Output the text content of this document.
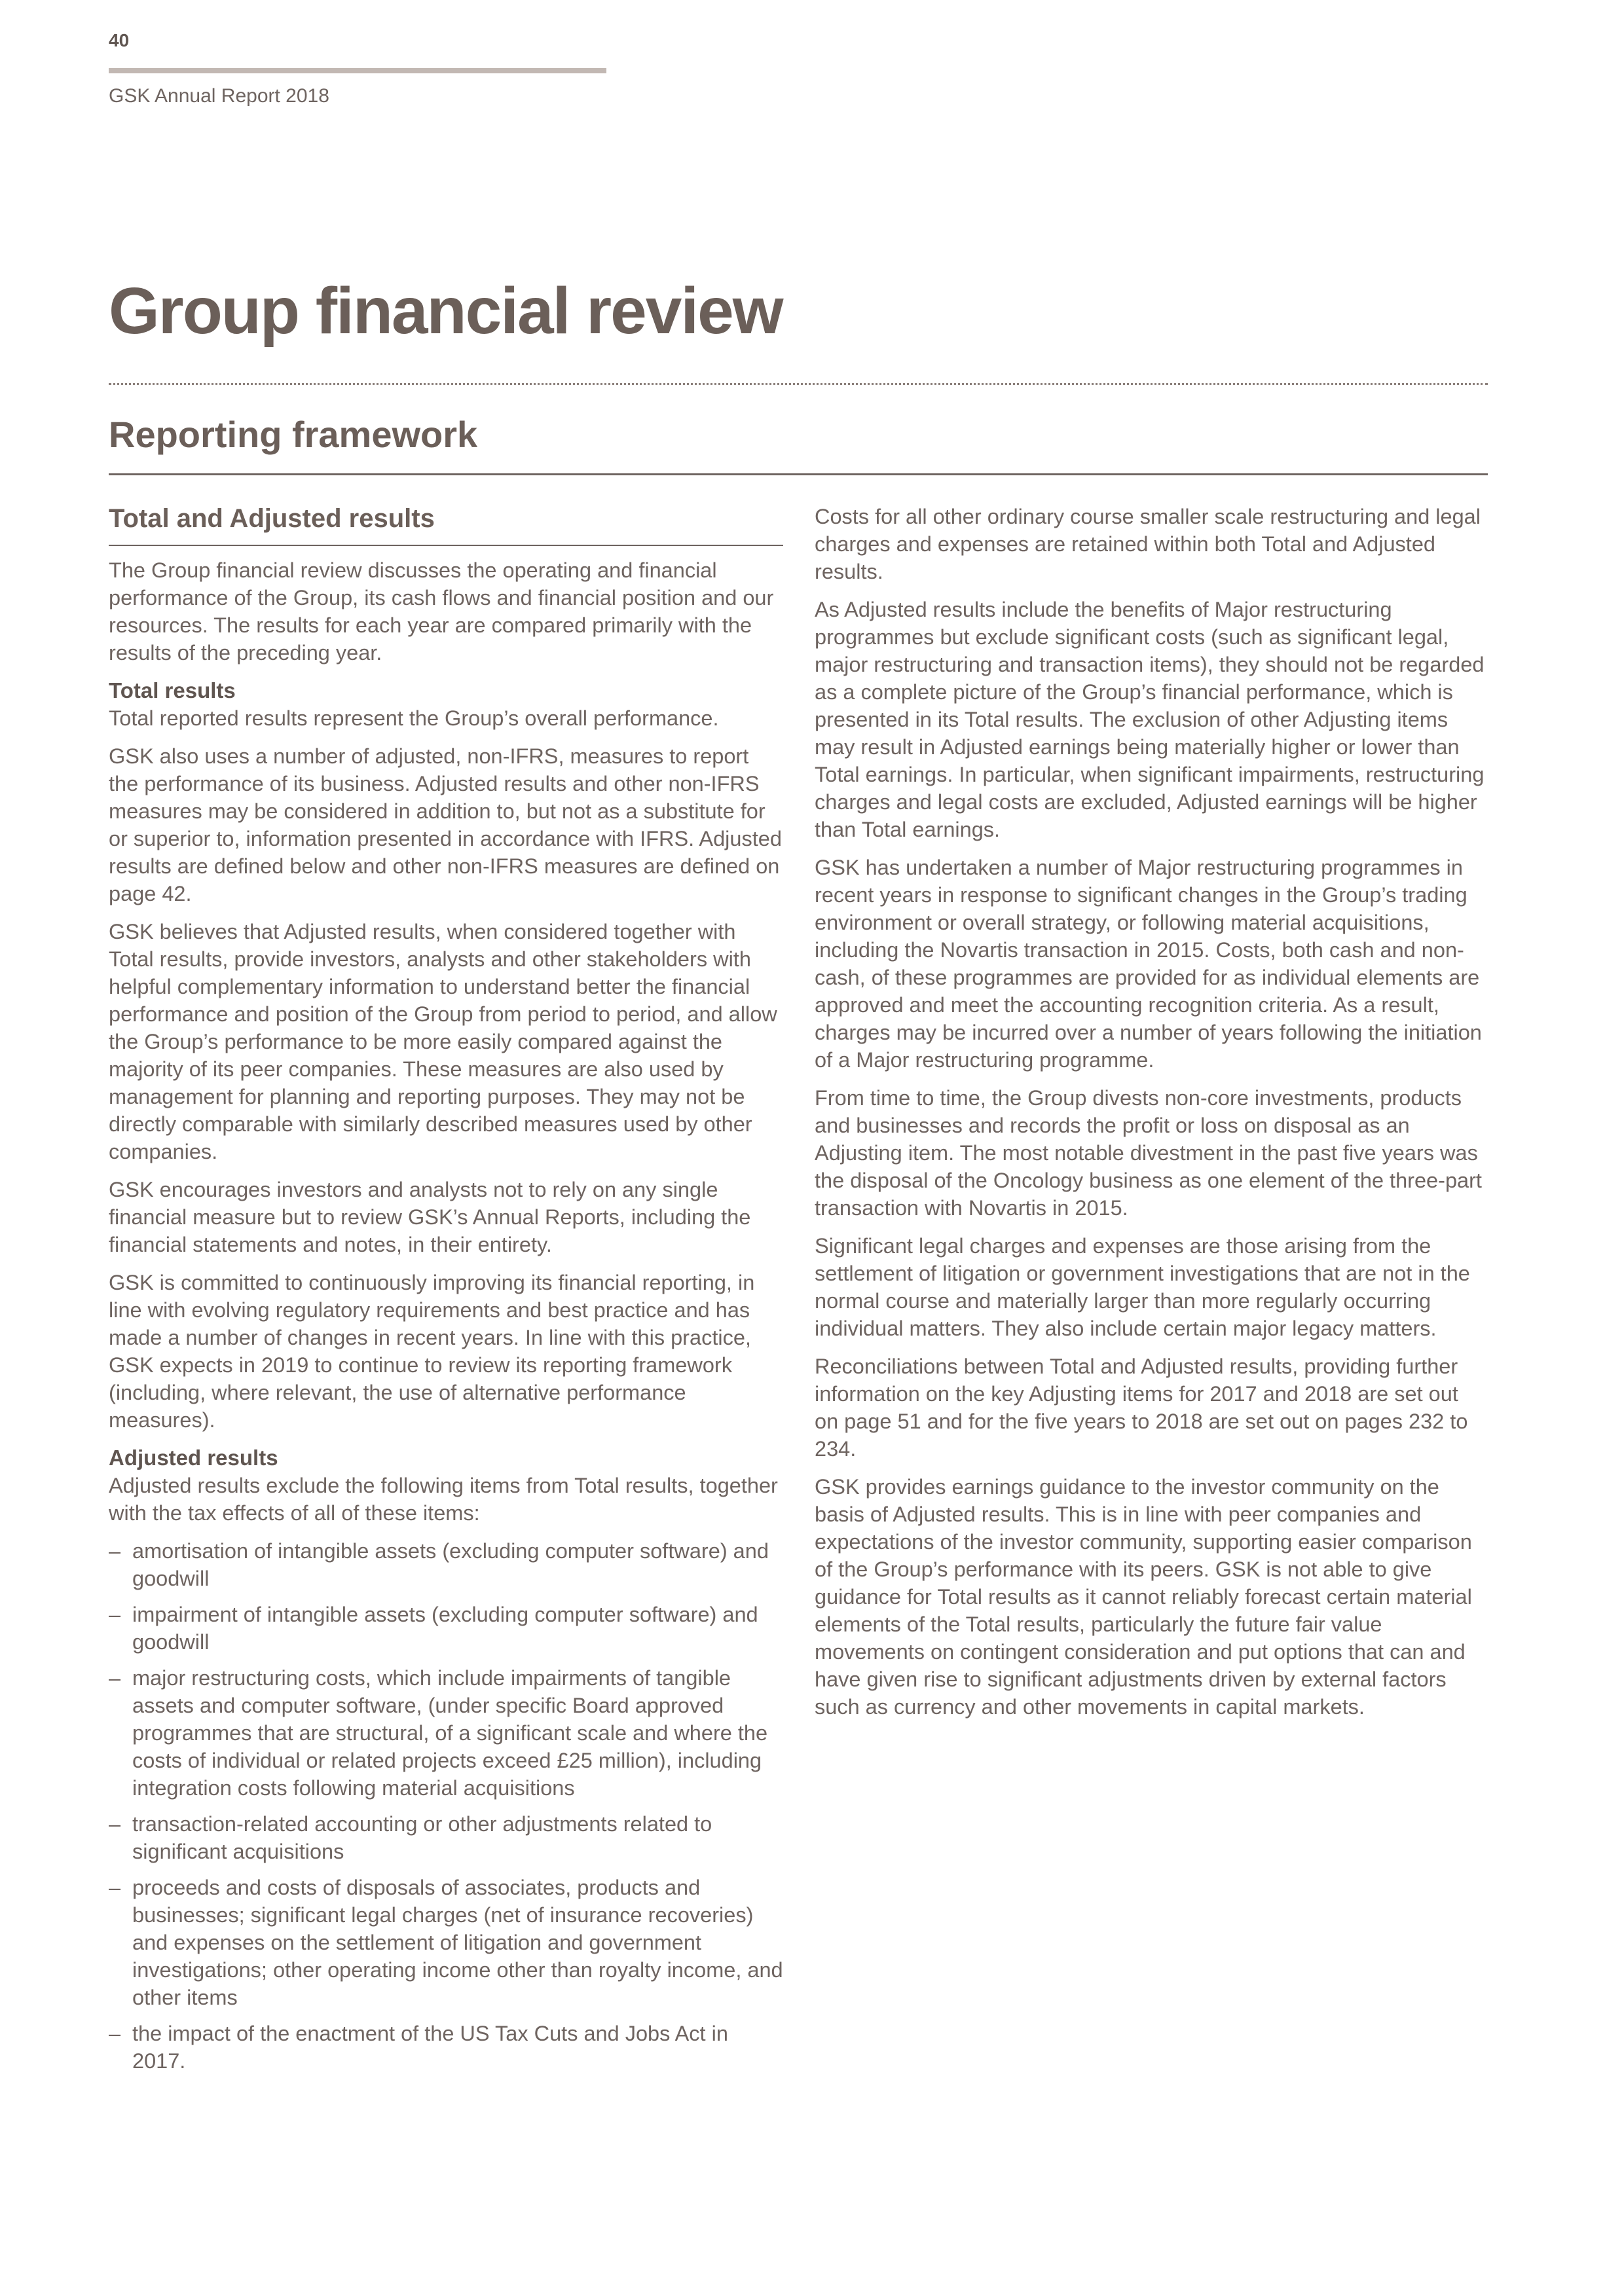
40
GSK Annual Report 2018
Group financial review
Reporting framework
Total and Adjusted results

The Group financial review discusses the operating and financial performance of the Group, its cash flows and financial position and our resources. The results for each year are compared primarily with the results of the preceding year.

Total results

Total reported results represent the Group’s overall performance.

GSK also uses a number of adjusted, non-IFRS, measures to report the performance of its business. Adjusted results and other non-IFRS measures may be considered in addition to, but not as a substitute for or superior to, information presented in accordance with IFRS. Adjusted results are defined below and other non-IFRS measures are defined on page 42.

GSK believes that Adjusted results, when considered together with Total results, provide investors, analysts and other stakeholders with helpful complementary information to understand better the financial performance and position of the Group from period to period, and allow the Group’s performance to be more easily compared against the majority of its peer companies. These measures are also used by management for planning and reporting purposes. They may not be directly comparable with similarly described measures used by other companies.

GSK encourages investors and analysts not to rely on any single financial measure but to review GSK’s Annual Reports, including the financial statements and notes, in their entirety.

GSK is committed to continuously improving its financial reporting, in line with evolving regulatory requirements and best practice and has made a number of changes in recent years. In line with this practice, GSK expects in 2019 to continue to review its reporting framework (including, where relevant, the use of alternative performance measures).

Adjusted results

Adjusted results exclude the following items from Total results, together with the tax effects of all of these items:

– amortisation of intangible assets (excluding computer software) and goodwill
– impairment of intangible assets (excluding computer software) and goodwill
– major restructuring costs, which include impairments of tangible assets and computer software, (under specific Board approved programmes that are structural, of a significant scale and where the costs of individual or related projects exceed £25 million), including integration costs following material acquisitions
– transaction-related accounting or other adjustments related to significant acquisitions
– proceeds and costs of disposals of associates, products and businesses; significant legal charges (net of insurance recoveries) and expenses on the settlement of litigation and government investigations; other operating income other than royalty income, and other items
– the impact of the enactment of the US Tax Cuts and Jobs Act in 2017.

Costs for all other ordinary course smaller scale restructuring and legal charges and expenses are retained within both Total and Adjusted results.

As Adjusted results include the benefits of Major restructuring programmes but exclude significant costs (such as significant legal, major restructuring and transaction items), they should not be regarded as a complete picture of the Group’s financial performance, which is presented in its Total results. The exclusion of other Adjusting items may result in Adjusted earnings being materially higher or lower than Total earnings. In particular, when significant impairments, restructuring charges and legal costs are excluded, Adjusted earnings will be higher than Total earnings.

GSK has undertaken a number of Major restructuring programmes in recent years in response to significant changes in the Group’s trading environment or overall strategy, or following material acquisitions, including the Novartis transaction in 2015. Costs, both cash and non-cash, of these programmes are provided for as individual elements are approved and meet the accounting recognition criteria. As a result, charges may be incurred over a number of years following the initiation of a Major restructuring programme.

From time to time, the Group divests non-core investments, products and businesses and records the profit or loss on disposal as an Adjusting item. The most notable divestment in the past five years was the disposal of the Oncology business as one element of the three-part transaction with Novartis in 2015.

Significant legal charges and expenses are those arising from the settlement of litigation or government investigations that are not in the normal course and materially larger than more regularly occurring individual matters. They also include certain major legacy matters.

Reconciliations between Total and Adjusted results, providing further information on the key Adjusting items for 2017 and 2018 are set out on page 51 and for the five years to 2018 are set out on pages 232 to 234.

GSK provides earnings guidance to the investor community on the basis of Adjusted results. This is in line with peer companies and expectations of the investor community, supporting easier comparison of the Group’s performance with its peers. GSK is not able to give guidance for Total results as it cannot reliably forecast certain material elements of the Total results, particularly the future fair value movements on contingent consideration and put options that can and have given rise to significant adjustments driven by external factors such as currency and other movements in capital markets.
